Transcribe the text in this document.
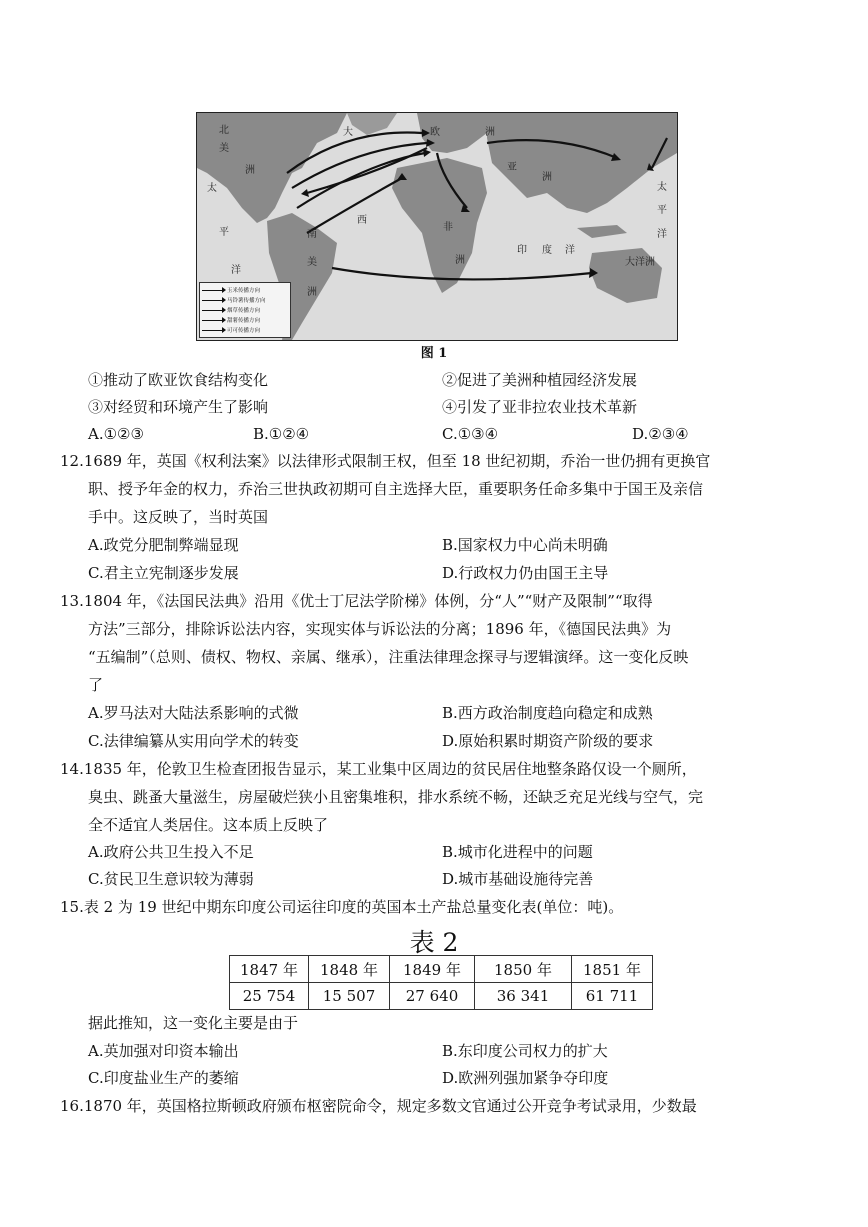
北
美
洲
大	欧	洲
亚
洲
太
平
洋
西
非
洲
南
美
洲
印 度 洋
太
平
洋
大洋洲
玉米传播方向
马铃薯传播方向
烟草传播方向
甜薯传播方向
可可传播方向
图 1
①推动了欧亚饮食结构变化	②促进了美洲种植园经济发展
③对经贸和环境产生了影响	④引发了亚非拉农业技术革新
A.①②③	B.①②④	C.①③④	D.②③④
12.1689 年，英国《权利法案》以法律形式限制王权，但至 18 世纪初期，乔治一世仍拥有更换官
职、授予年金的权力，乔治三世执政初期可自主选择大臣，重要职务任命多集中于国王及亲信
手中。这反映了，当时英国
A.政党分肥制弊端显现	B.国家权力中心尚未明确
C.君主立宪制逐步发展	D.行政权力仍由国王主导
13.1804 年，《法国民法典》沿用《优士丁尼法学阶梯》体例，分“人”“财产及限制”“取得
方法”三部分，排除诉讼法内容，实现实体与诉讼法的分离；1896 年，《德国民法典》为
“五编制”（总则、债权、物权、亲属、继承），注重法律理念探寻与逻辑演绎。这一变化反映
了
A.罗马法对大陆法系影响的式微	B.西方政治制度趋向稳定和成熟
C.法律编纂从实用向学术的转变	D.原始积累时期资产阶级的要求
14.1835 年，伦敦卫生检查团报告显示，某工业集中区周边的贫民居住地整条路仅设一个厕所，
臭虫、跳蚤大量滋生，房屋破烂狭小且密集堆积，排水系统不畅，还缺乏充足光线与空气，完
全不适宜人类居住。这本质上反映了
A.政府公共卫生投入不足	B.城市化进程中的问题
C.贫民卫生意识较为薄弱	D.城市基础设施待完善
15.表 2 为 19 世纪中期东印度公司运往印度的英国本土产盐总量变化表(单位：吨)。
表 2
1847 年	1848 年	1849 年	1850 年	1851 年
25 754	15 507	27 640	36 341	61 711
据此推知，这一变化主要是由于
A.英加强对印资本输出	B.东印度公司权力的扩大
C.印度盐业生产的萎缩	D.欧洲列强加紧争夺印度
16.1870 年，英国格拉斯顿政府颁布枢密院命令，规定多数文官通过公开竞争考试录用，少数最
